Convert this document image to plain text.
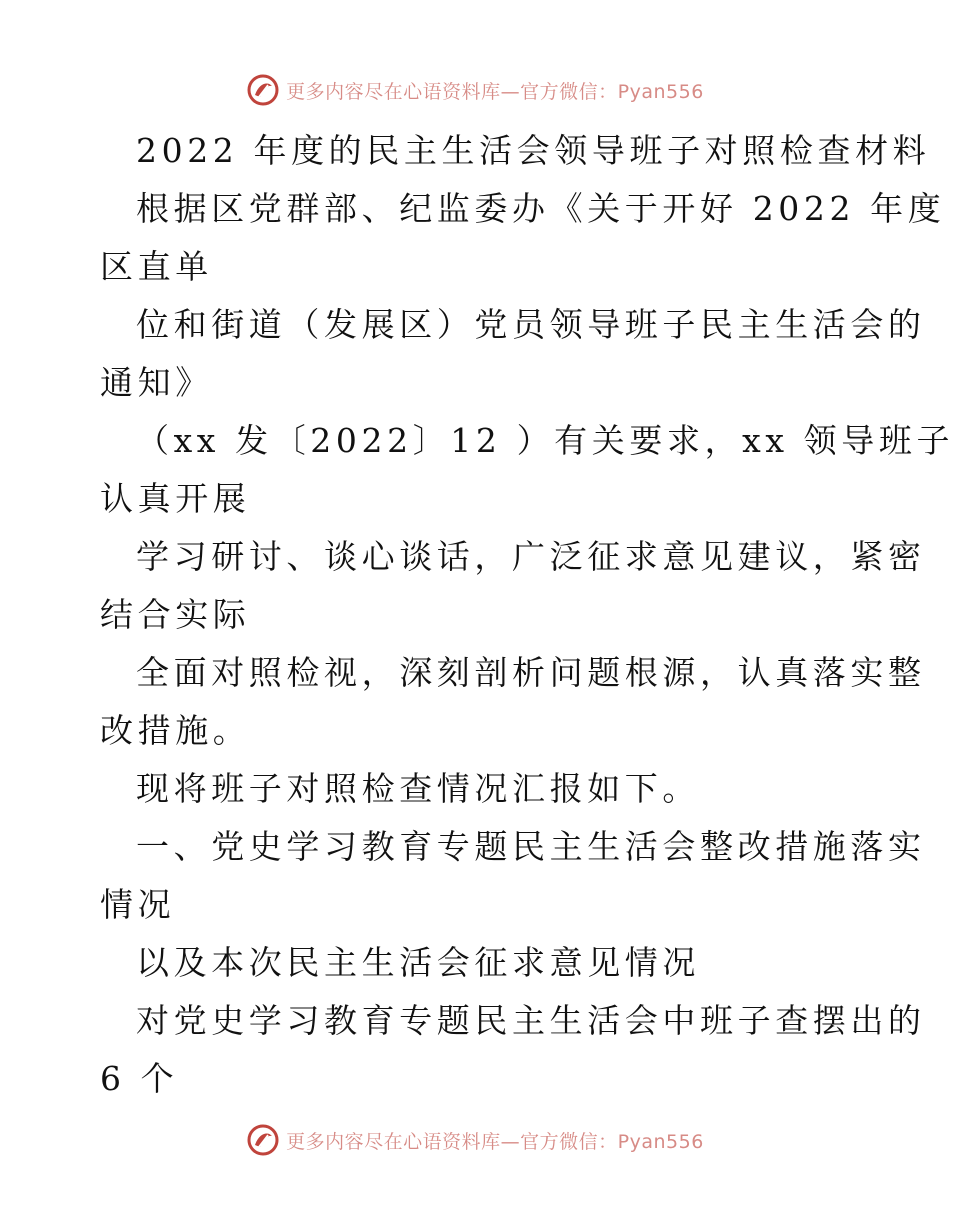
更多内容尽在心语资料库—官方微信：Pyan556
2022 年度的民主生活会领导班子对照检查材料
根据区党群部、纪监委办《关于开好 2022 年度
区直单
位和街道（发展区）党员领导班子民主生活会的
通知》
（xx 发〔2022〕12 ）有关要求，xx 领导班子
认真开展
学习研讨、谈心谈话，广泛征求意见建议，紧密
结合实际
全面对照检视，深刻剖析问题根源，认真落实整
改措施。
现将班子对照检查情况汇报如下。
一、党史学习教育专题民主生活会整改措施落实
情况
以及本次民主生活会征求意见情况
对党史学习教育专题民主生活会中班子查摆出的
6 个
更多内容尽在心语资料库—官方微信：Pyan556
